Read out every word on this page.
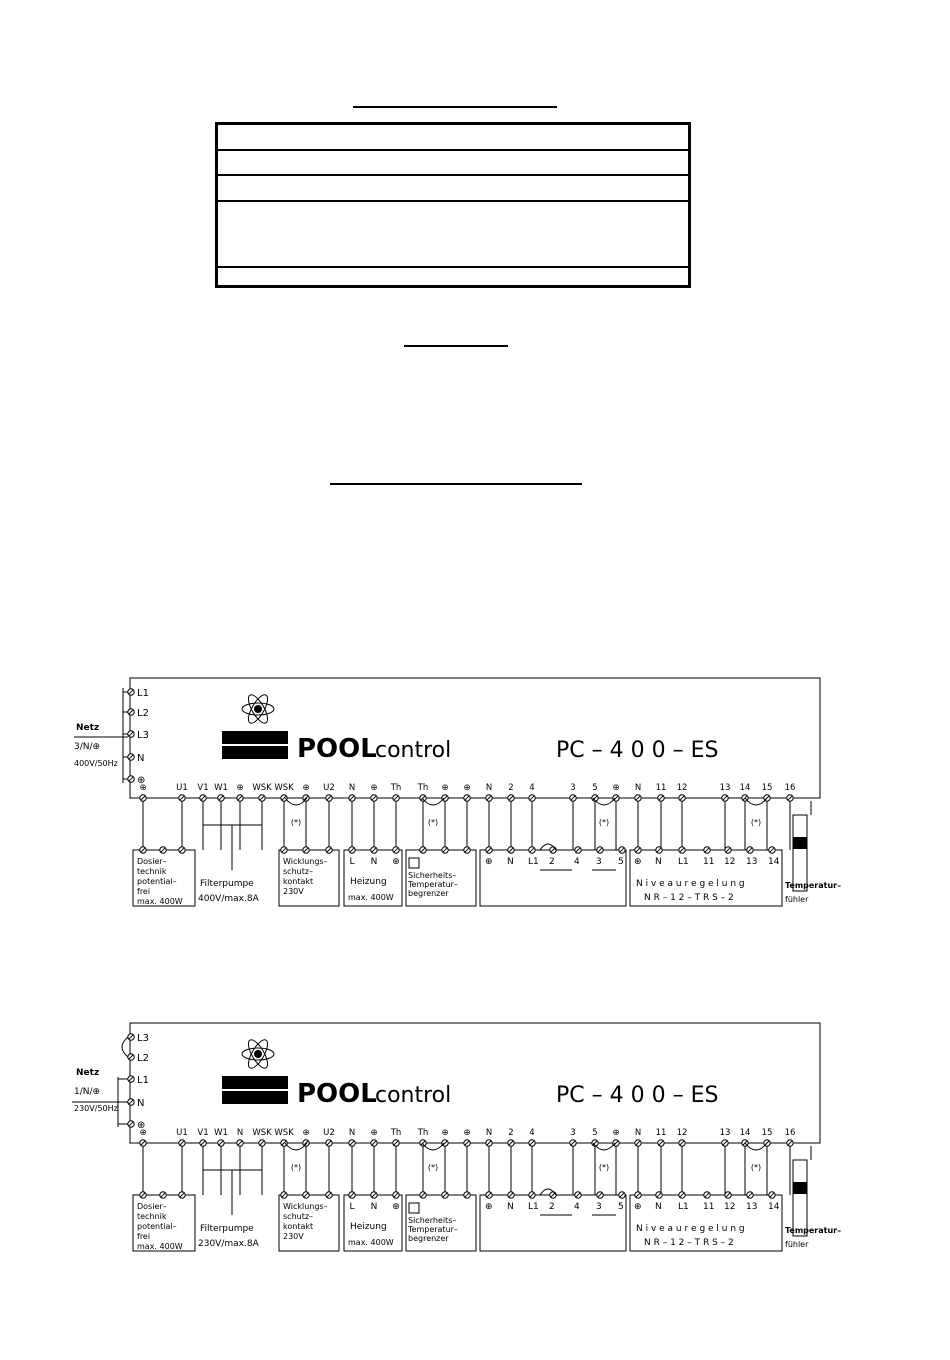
L1
L2
L3
N
⊕
Netz
3/N/⊕
400V/50Hz	osf POOL
control	PC – 4 0 0 – ES
⊕	U1 V1 W1 ⊕ WSK WSK ⊕ U2 N ⊕ Th Th ⊕ ⊕ N 2 4	3 5 ⊕ N 11 12	13 14 15 16
(*)	(*)	(*)	(*)
Dosier–
technik
potential–
frei
max. 400W
Filterpumpe
400V/max.8A
Wicklungs–
schutz–
kontakt
230V
L N ⊕
Heizung
max. 400W
Sicherheits–
Temperatur–
begrenzer
⊕ N L1 2 4 3 5 ⊕ N L1 11 12 13 14
N i v e a u r e g e l u n g
N R – 1 2 – T R S – 2
Temperatur–
fühler
L3
L2
L1
N
⊕
Netz
1/N/⊕
230V/50Hz	osf POOL
control	PC – 4 0 0 – ES
⊕	U1 V1 W1 N WSK WSK ⊕ U2 N ⊕ Th Th ⊕ ⊕ N 2 4	3 5 ⊕ N 11 12	13 14 15 16
(*)	(*)	(*)	(*)
Dosier–
technik
potential–
frei
max. 400W
Filterpumpe
230V/max.8A
Wicklungs–
schutz–
kontakt
230V
L N ⊕
Heizung
max. 400W
Sicherheits–
Temperatur–
begrenzer
⊕ N L1 2 4 3 5 ⊕ N L1 11 12 13 14
N i v e a u r e g e l u n g
N R – 1 2 – T R S – 2
Temperatur–
fühler
